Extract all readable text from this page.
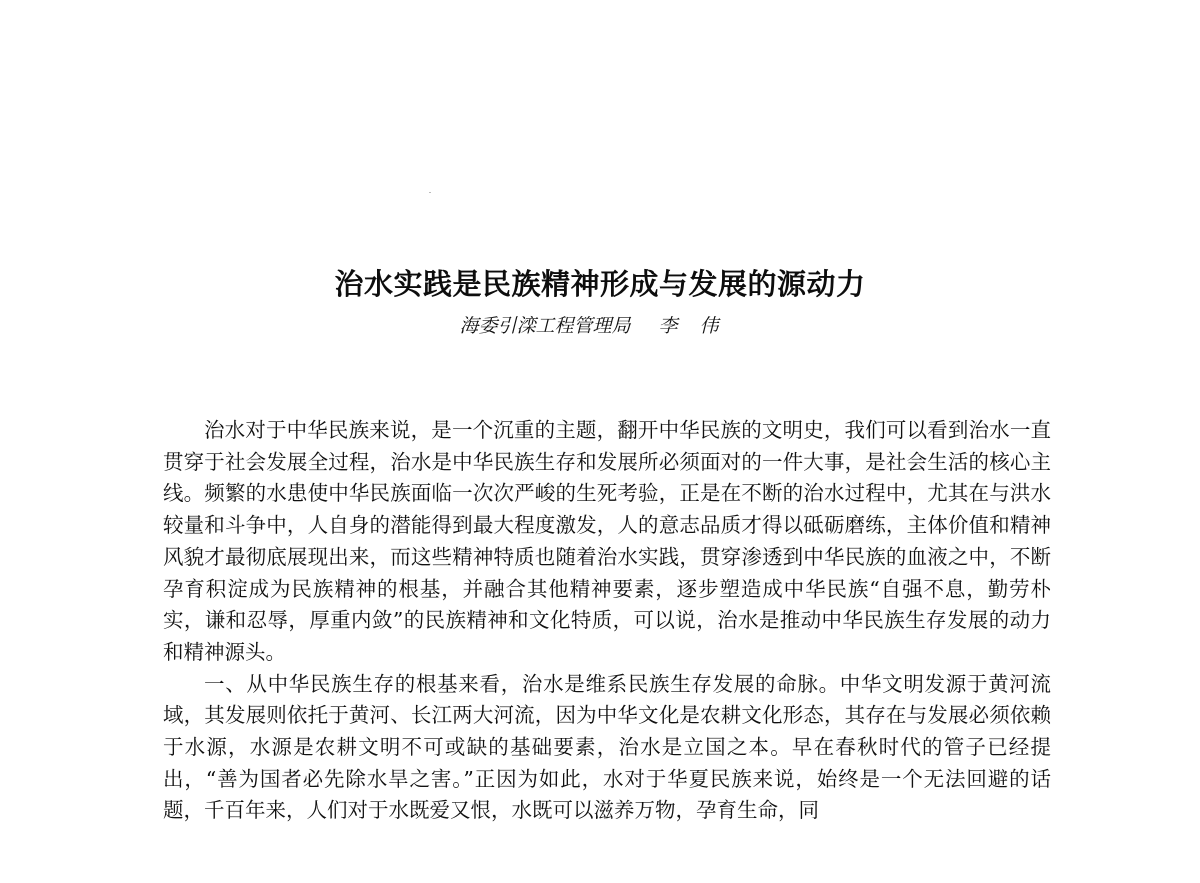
治水实践是民族精神形成与发展的源动力
海委引滦工程管理局 李伟

治水对于中华民族来说，是一个沉重的主题，翻开中华民族的文明史，我们可以看到治水一直贯穿于社会发展全过程，治水是中华民族生存和发展所必须面对的一件大事，是社会生活的核心主线。频繁的水患使中华民族面临一次次严峻的生死考验，正是在不断的治水过程中，尤其在与洪水较量和斗争中，人自身的潜能得到最大程度激发，人的意志品质才得以砥砺磨练，主体价值和精神风貌才最彻底展现出来，而这些精神特质也随着治水实践，贯穿渗透到中华民族的血液之中，不断孕育积淀成为民族精神的根基，并融合其他精神要素，逐步塑造成中华民族“自强不息，勤劳朴实，谦和忍辱，厚重内敛”的民族精神和文化特质，可以说，治水是推动中华民族生存发展的动力和精神源头。

一、从中华民族生存的根基来看，治水是维系民族生存发展的命脉。中华文明发源于黄河流域，其发展则依托于黄河、长江两大河流，因为中华文化是农耕文化形态，其存在与发展必须依赖于水源，水源是农耕文明不可或缺的基础要素，治水是立国之本。早在春秋时代的管子已经提出，“善为国者必先除水旱之害。”正因为如此，水对于华夏民族来说，始终是一个无法回避的话题，千百年来，人们对于水既爱又恨，水既可以滋养万物，孕育生命，同
